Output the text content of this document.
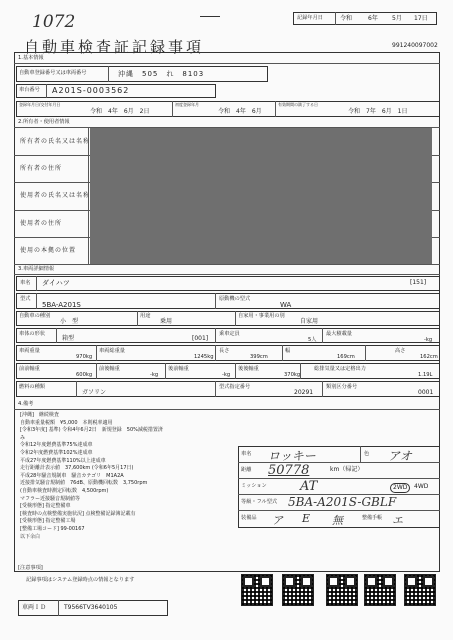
1072	記録年月日	令和	6年 5月 17日
自動車検査証記録事項	991240097002
1.基本情報
自動車登録番号又は車両番号	沖縄　505　れ　8103
車台番号 A201S-0003562
登録年月日/交付年月日
令和　4年　6月　2日
初度登録年月
令和　4年　6月
有効期間の満了する日
令和　7年　6月　1日
2.所有者・使用者情報
所有者の氏名又は名称
所有者の住所
使用者の氏名又は名称
使用者の住所
使用の本拠の位置
3.車両詳細情報
車名 ダイハツ	[151]
型式
5BA-A201S
原動機の型式
WA
自動車の種別
小　型
用途
乗用
自家用・事業用の別
自家用
車体の形状
箱型	[001]
乗車定員
5人
最大積載量
-kg
車両重量
970kg
車両総重量
1245kg
長さ
399cm
幅
169cm
高さ
162cm
前前軸重
600kg
前後軸重
-kg
後前軸重
-kg
後後軸重
370kg
総排気量又は定格出力
1.19L
燃料の種類
ガソリン
型式指定番号
20291
類別区分番号
0001
4.備考
[沖縄]　継続検査
自動車重量税額　¥5,000　本則税率適用
[令和3年度] 基準) 令和4年6月2日　新規登録　50%減税措置済
み
令和12年度燃費基準75%達成車
令和2年度燃費基準102%達成車
平成27年度燃費基準110%以上達成車
走行距離計表示値　37,600km (令和6年5月17日)
平成28年騒音規制車　騒音カテゴリ　M1A2A
近接排気騒音規制値　76dB、原動機回転数　3,750rpm
(自動車検査時測定回転数　4,500rpm)
マフラー近接騒音規制値等
[受検形態] 指定整備車
[検査時の点検整備実施状況] 点検整備記録簿記載有
[受検形態] 指定整備工場
[整備工場コード] 99-00167
以下余白
車名 ロッキー	色 アオ
距離 50778	km（帰記）
ミッション	AT	2WD	4WD
等級・フル型式 5BA-A201S-GBLF
装備品 ア E 無	整備手帳 エ
[注意事項]
記録事項はシステム登録時点の情報となります
車両ＩＤ	T9566TV3640105
